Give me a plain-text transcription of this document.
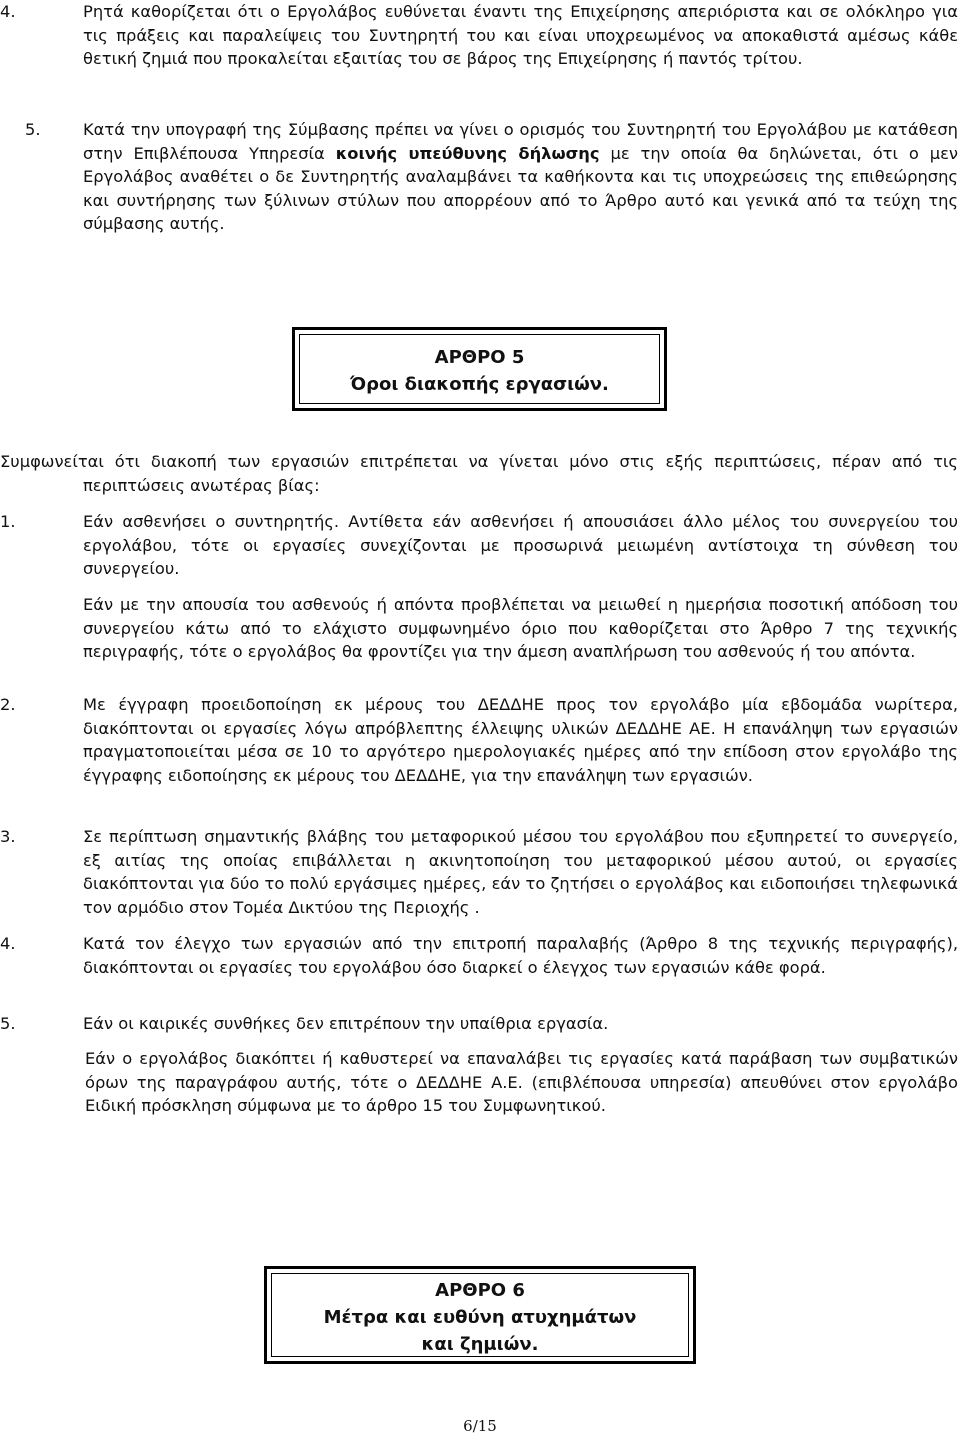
4.	Ρητά καθορίζεται ότι ο Εργολάβος ευθύνεται έναντι της Επιχείρησης απεριόριστα και σε ολόκληρο για τις πράξεις και παραλείψεις του Συντηρητή του και είναι υποχρεωμένος να αποκαθιστά αμέσως κάθε θετική ζημιά που προκαλείται εξαιτίας του σε βάρος της Επιχείρησης ή παντός τρίτου.

5.	Κατά την υπογραφή της Σύμβασης πρέπει να γίνει ο ορισμός του Συντηρητή του Εργολάβου με κατάθεση στην Επιβλέπουσα Υπηρεσία κοινής υπεύθυνης δήλωσης με την οποία θα δηλώνεται, ότι ο μεν Εργολάβος αναθέτει ο δε Συντηρητής αναλαμβάνει τα καθήκοντα και τις υποχρεώσεις της επιθεώρησης και συντήρησης των ξύλινων στύλων που απορρέουν από το Άρθρο αυτό και γενικά από τα τεύχη της σύμβασης αυτής.

ΑΡΘΡΟ 5
Όροι διακοπής εργασιών.

Συμφωνείται ότι διακοπή των εργασιών επιτρέπεται να γίνεται μόνο στις εξής περιπτώσεις, πέραν από τις περιπτώσεις ανωτέρας βίας:

1.	Εάν ασθενήσει ο συντηρητής. Αντίθετα εάν ασθενήσει ή απουσιάσει άλλο μέλος του συνεργείου του εργολάβου, τότε οι εργασίες συνεχίζονται με προσωρινά μειωμένη αντίστοιχα τη σύνθεση του συνεργείου.

Εάν με την απουσία του ασθενούς ή απόντα προβλέπεται να μειωθεί η ημερήσια ποσοτική απόδοση του συνεργείου κάτω από το ελάχιστο συμφωνημένο όριο που καθορίζεται στο Άρθρο 7 της τεχνικής περιγραφής, τότε ο εργολάβος θα φροντίζει για την άμεση αναπλήρωση του ασθενούς ή του απόντα.

2.	Με έγγραφη προειδοποίηση εκ μέρους του ΔΕΔΔΗΕ προς τον εργολάβο μία εβδομάδα νωρίτερα, διακόπτονται οι εργασίες λόγω απρόβλεπτης έλλειψης υλικών ΔΕΔΔΗΕ ΑΕ. Η επανάληψη των εργασιών πραγματοποιείται μέσα σε 10 το αργότερο ημερολογιακές ημέρες από την επίδοση στον εργολάβο της έγγραφης ειδοποίησης εκ μέρους του ΔΕΔΔΗΕ, για την επανάληψη των εργασιών.

3.	Σε περίπτωση σημαντικής βλάβης του μεταφορικού μέσου του εργολάβου που εξυπηρετεί το συνεργείο, εξ αιτίας της οποίας επιβάλλεται η ακινητοποίηση του μεταφορικού μέσου αυτού, οι εργασίες διακόπτονται για δύο το πολύ εργάσιμες ημέρες, εάν το ζητήσει ο εργολάβος και ειδοποιήσει τηλεφωνικά τον αρμόδιο στον Τομέα Δικτύου της Περιοχής .

4.	Κατά τον έλεγχο των εργασιών από την επιτροπή παραλαβής (Άρθρο 8 της τεχνικής περιγραφής), διακόπτονται οι εργασίες του εργολάβου όσο διαρκεί ο έλεγχος των εργασιών κάθε φορά.

5.	Εάν οι καιρικές συνθήκες δεν επιτρέπουν την υπαίθρια εργασία.

Εάν ο εργολάβος διακόπτει ή καθυστερεί να επαναλάβει τις εργασίες κατά παράβαση των συμβατικών όρων της παραγράφου αυτής, τότε ο ΔΕΔΔΗΕ Α.Ε. (επιβλέπουσα υπηρεσία) απευθύνει στον εργολάβο Ειδική πρόσκληση σύμφωνα με το άρθρο 15 του Συμφωνητικού.

ΑΡΘΡΟ 6
Μέτρα και ευθύνη ατυχημάτων
και ζημιών.
6/15
